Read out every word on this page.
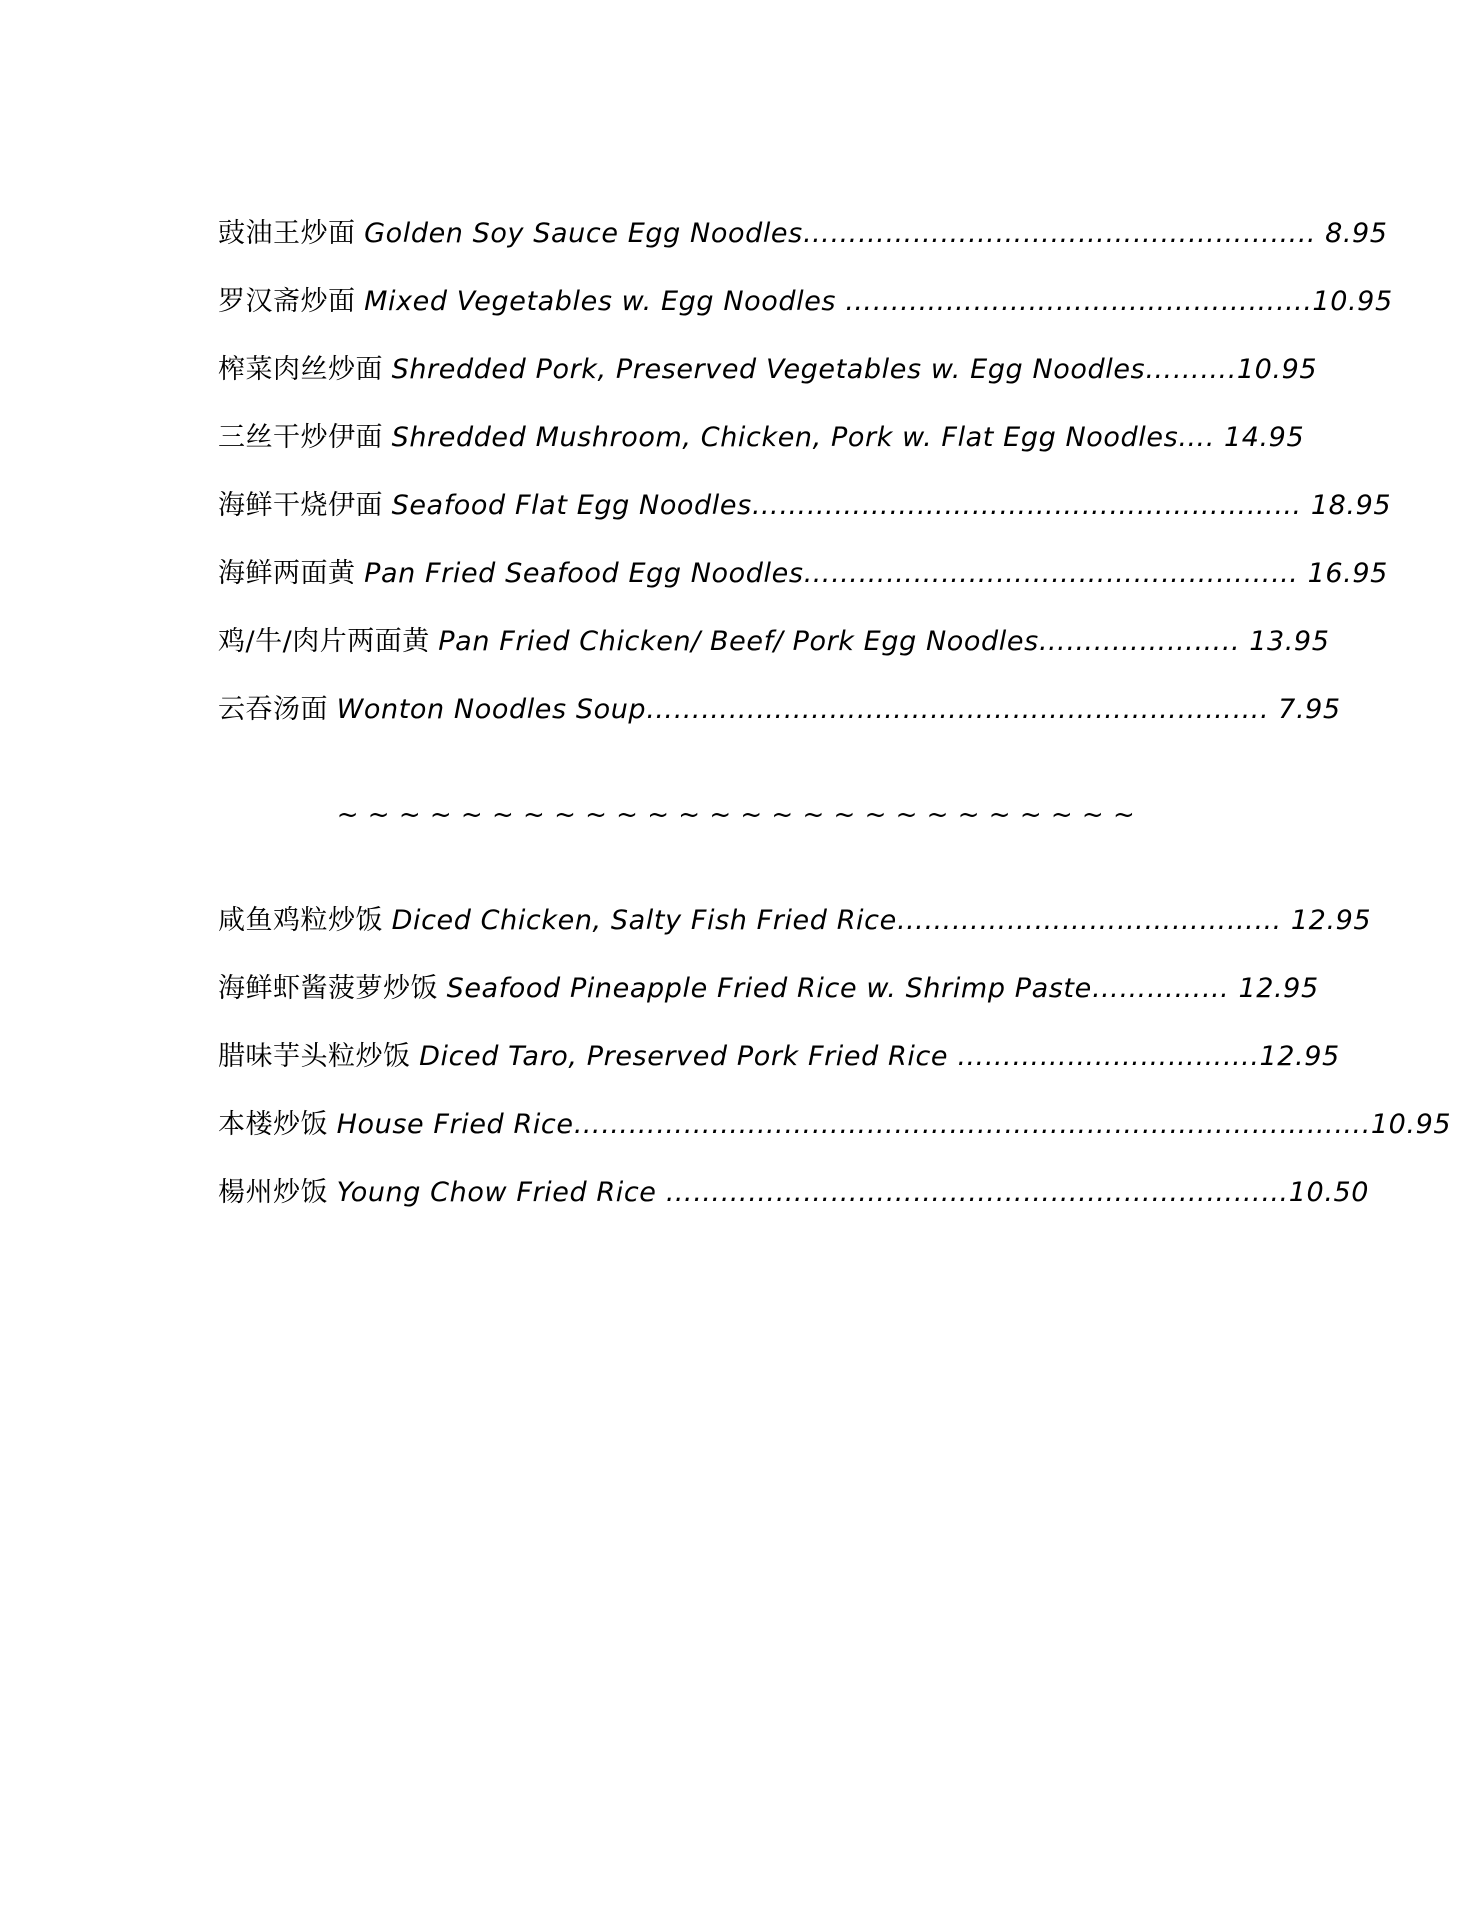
豉油王炒面 Golden Soy Sauce Egg Noodles……………………………………………….. 8.95
罗汉斋炒面 Mixed Vegetables w. Egg Noodles ……..…………………………………….10.95
榨菜肉丝炒面 Shredded Pork, Preserved Vegetables w. Egg Noodles……….10.95
三丝干炒伊面 Shredded Mushroom, Chicken, Pork w. Flat Egg Noodles…. 14.95
海鲜干烧伊面 Seafood Flat Egg Noodles…………………………………………………… 18.95
海鲜两面黄 Pan Fried Seafood Egg Noodles……………………………………………… 16.95
鸡/牛/肉片两面黄 Pan Fried Chicken/ Beef/ Pork Egg Noodles……..………….. 13.95
云吞汤面 Wonton Noodles Soup………………..…..……………………………………. 7.95
~ ~ ~ ~ ~ ~ ~ ~ ~ ~ ~ ~ ~ ~ ~ ~ ~ ~ ~ ~ ~ ~ ~ ~ ~ ~
咸鱼鸡粒炒饭 Diced Chicken, Salty Fish Fried Rice…………………………………… 12.95
海鲜虾酱菠萝炒饭 Seafood Pineapple Fried Rice w. Shrimp Paste…………… 12.95
腊味芋头粒炒饭 Diced Taro, Preserved Pork Fried Rice ……………..…………….12.95
本楼炒饭 House Fried Rice………………..………………………………………………………….10.95
楊州炒饭 Young Chow Fried Rice ………………………………………..…………………10.50
